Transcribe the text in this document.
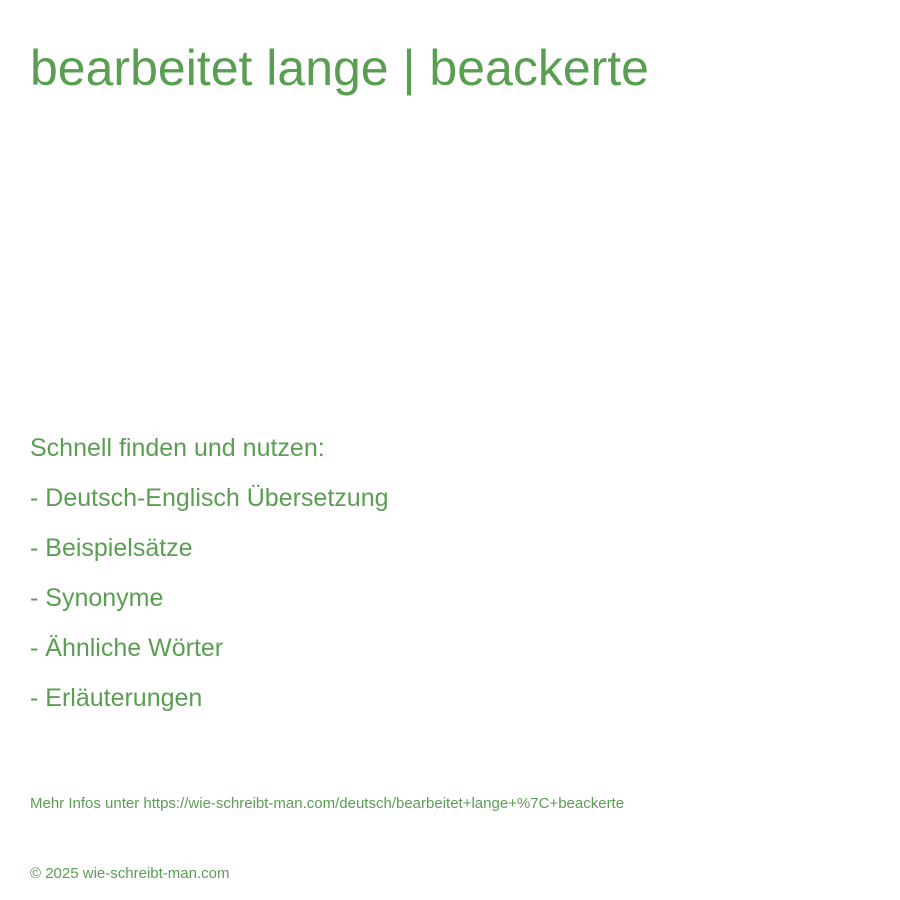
bearbeitet lange | beackerte
Schnell finden und nutzen:
- Deutsch-Englisch Übersetzung
- Beispielsätze
- Synonyme
- Ähnliche Wörter
- Erläuterungen
Mehr Infos unter https://wie-schreibt-man.com/deutsch/bearbeitet+lange+%7C+beackerte
© 2025 wie-schreibt-man.com
